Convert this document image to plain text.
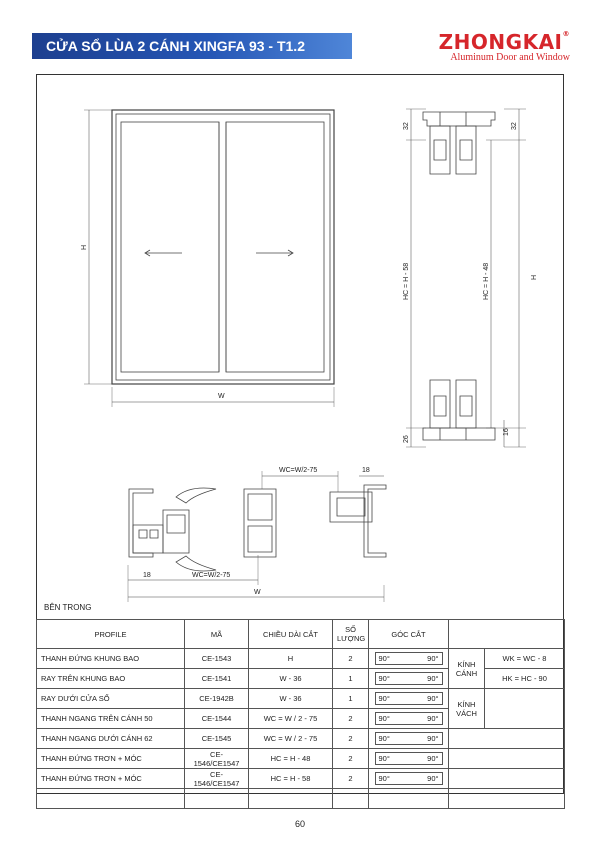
CỬA SỔ LÙA 2 CÁNH XINGFA 93 - T1.2	ZHONGKAI®
Aluminum Door and Window
H
W
32	32
HC = H - 58	HC = H - 48	H
26
16
WC=W/2-75	18
18	WC=W/2-75
W
BÊN TRONG
PROFILE	MÃ	CHIỀU DÀI CẮT	SỐ LƯỢNG	GÓC CẮT		
THANH ĐỨNG KHUNG BAO	CE-1543	H	2	90° 90°	KÍNH CÁNH	WK = WC - 8
RAY TRÊN KHUNG BAO	CE-1541	W - 36	1	90° 90°		HK = HC - 90
RAY DƯỚI CỬA SỔ	CE-1942B	W - 36	1	90° 90°	KÍNH VÁCH	
THANH NGANG TRÊN CÁNH 50	CE-1544	WC = W / 2 - 75	2	90° 90°		

THANH NGANG DƯỚI CÁNH 62	CE-1545	WC = W / 2 - 75	2	90° 90°		

THANH ĐỨNG TRƠN + MÓC	CE-1546/CE1547	HC = H - 48	2	90° 90°		

THANH ĐỨNG TRƠN + MÓC	CE-1546/CE1547	HC = H - 58	2	90° 90°		

60
